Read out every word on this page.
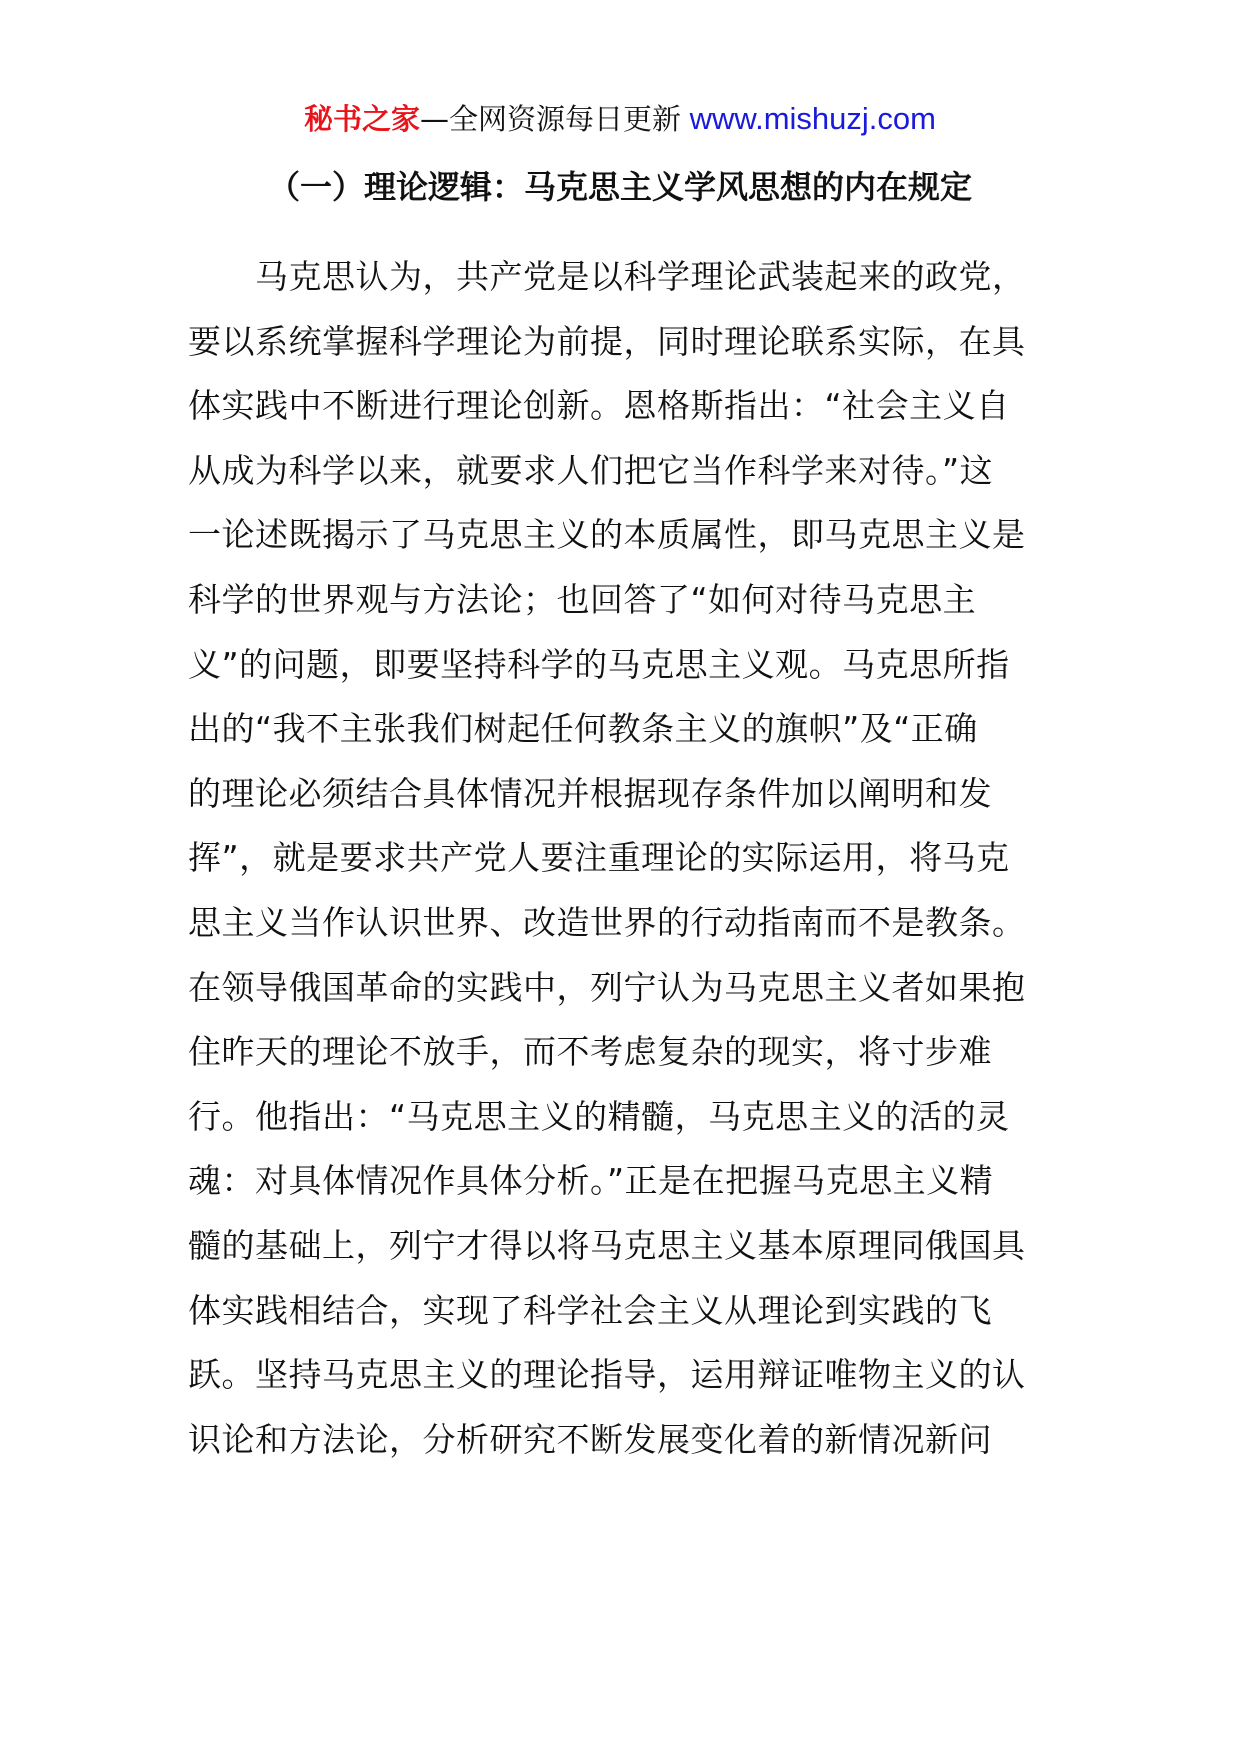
秘书之家—全网资源每日更新 www.mishuzj.com
（一）理论逻辑：马克思主义学风思想的内在规定
　　马克思认为，共产党是以科学理论武装起来的政党，
要以系统掌握科学理论为前提，同时理论联系实际，在具
体实践中不断进行理论创新。恩格斯指出：“社会主义自
从成为科学以来，就要求人们把它当作科学来对待。”这
一论述既揭示了马克思主义的本质属性，即马克思主义是
科学的世界观与方法论；也回答了“如何对待马克思主
义”的问题，即要坚持科学的马克思主义观。马克思所指
出的“我不主张我们树起任何教条主义的旗帜”及“正确
的理论必须结合具体情况并根据现存条件加以阐明和发
挥”，就是要求共产党人要注重理论的实际运用，将马克
思主义当作认识世界、改造世界的行动指南而不是教条。
在领导俄国革命的实践中，列宁认为马克思主义者如果抱
住昨天的理论不放手，而不考虑复杂的现实，将寸步难
行。他指出：“马克思主义的精髓，马克思主义的活的灵
魂：对具体情况作具体分析。”正是在把握马克思主义精
髓的基础上，列宁才得以将马克思主义基本原理同俄国具
体实践相结合，实现了科学社会主义从理论到实践的飞
跃。坚持马克思主义的理论指导，运用辩证唯物主义的认
识论和方法论，分析研究不断发展变化着的新情况新问
